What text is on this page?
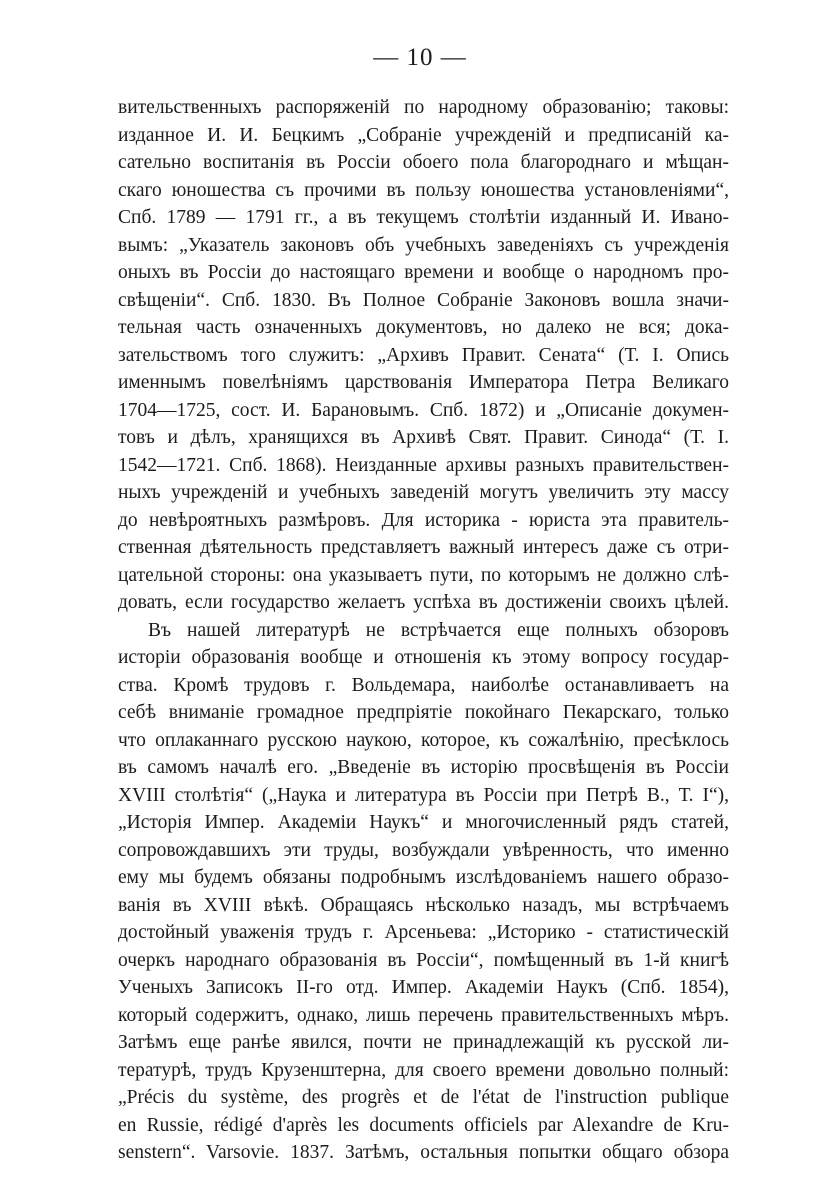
— 10 —
вительственныхъ распоряженій по народному образованію; таковы:
изданное И. И. Бецкимъ „Собраніе учрежденій и предписаній ка-
сательно воспитанія въ Россіи обоего пола благороднаго и мѣщан-
скаго юношества съ прочими въ пользу юношества установленіями“,
Спб. 1789 — 1791 гг., а въ текущемъ столѣтіи изданный И. Ивано-
вымъ: „Указатель законовъ объ учебныхъ заведеніяхъ съ учрежденія
оныхъ въ Россіи до настоящаго времени и вообще о народномъ про-
свѣщеніи“. Спб. 1830. Въ Полное Собраніе Законовъ вошла значи-
тельная часть означенныхъ документовъ, но далеко не вся; дока-
зательствомъ того служитъ: „Архивъ Правит. Сената“ (Т. I. Опись
именнымъ повелѣніямъ царствованія Императора Петра Великаго
1704—1725, сост. И. Барановымъ. Спб. 1872) и „Описаніе докумен-
товъ и дѣлъ, хранящихся въ Архивѣ Свят. Правит. Синода“ (Т. I.
1542—1721. Спб. 1868). Неизданные архивы разныхъ правительствен-
ныхъ учрежденій и учебныхъ заведеній могутъ увеличить эту массу
до невѣроятныхъ размѣровъ. Для историка - юриста эта правитель-
ственная дѣятельность представляетъ важный интересъ даже съ отри-
цательной стороны: она указываетъ пути, по которымъ не должно слѣ-
довать, если государство желаетъ успѣха въ достиженіи своихъ цѣлей.
Въ нашей литературѣ не встрѣчается еще полныхъ обзоровъ
исторіи образованія вообще и отношенія къ этому вопросу государ-
ства. Кромѣ трудовъ г. Вольдемара, наиболѣе останавливаетъ на
себѣ вниманіе громадное предпріятіе покойнаго Пекарскаго, только
что оплаканнаго русскою наукою, которое, къ сожалѣнію, пресѣклось
въ самомъ началѣ его. „Введеніе въ исторію просвѣщенія въ Россіи
XVIII столѣтія“ („Наука и литература въ Россіи при Петрѣ В., Т. I“),
„Исторія Импер. Академіи Наукъ“ и многочисленный рядъ статей,
сопровождавшихъ эти труды, возбуждали увѣренность, что именно
ему мы будемъ обязаны подробнымъ изслѣдованіемъ нашего образо-
ванія въ XVIII вѣкѣ. Обращаясь нѣсколько назадъ, мы встрѣчаемъ
достойный уваженія трудъ г. Арсеньева: „Историко - статистическій
очеркъ народнаго образованія въ Россіи“, помѣщенный въ 1-й книгѣ
Ученыхъ Записокъ II-го отд. Импер. Академіи Наукъ (Спб. 1854),
который содержитъ, однако, лишь перечень правительственныхъ мѣръ.
Затѣмъ еще ранѣе явился, почти не принадлежащій къ русской ли-
тературѣ, трудъ Крузенштерна, для своего времени довольно полный:
„Précis du système, des progrès et de l'état de l'instruction publique
en Russie, rédigé d'après les documents officiels par Alexandre de Kru-
senstern“. Varsovie. 1837. Затѣмъ, остальныя попытки общаго обзора
